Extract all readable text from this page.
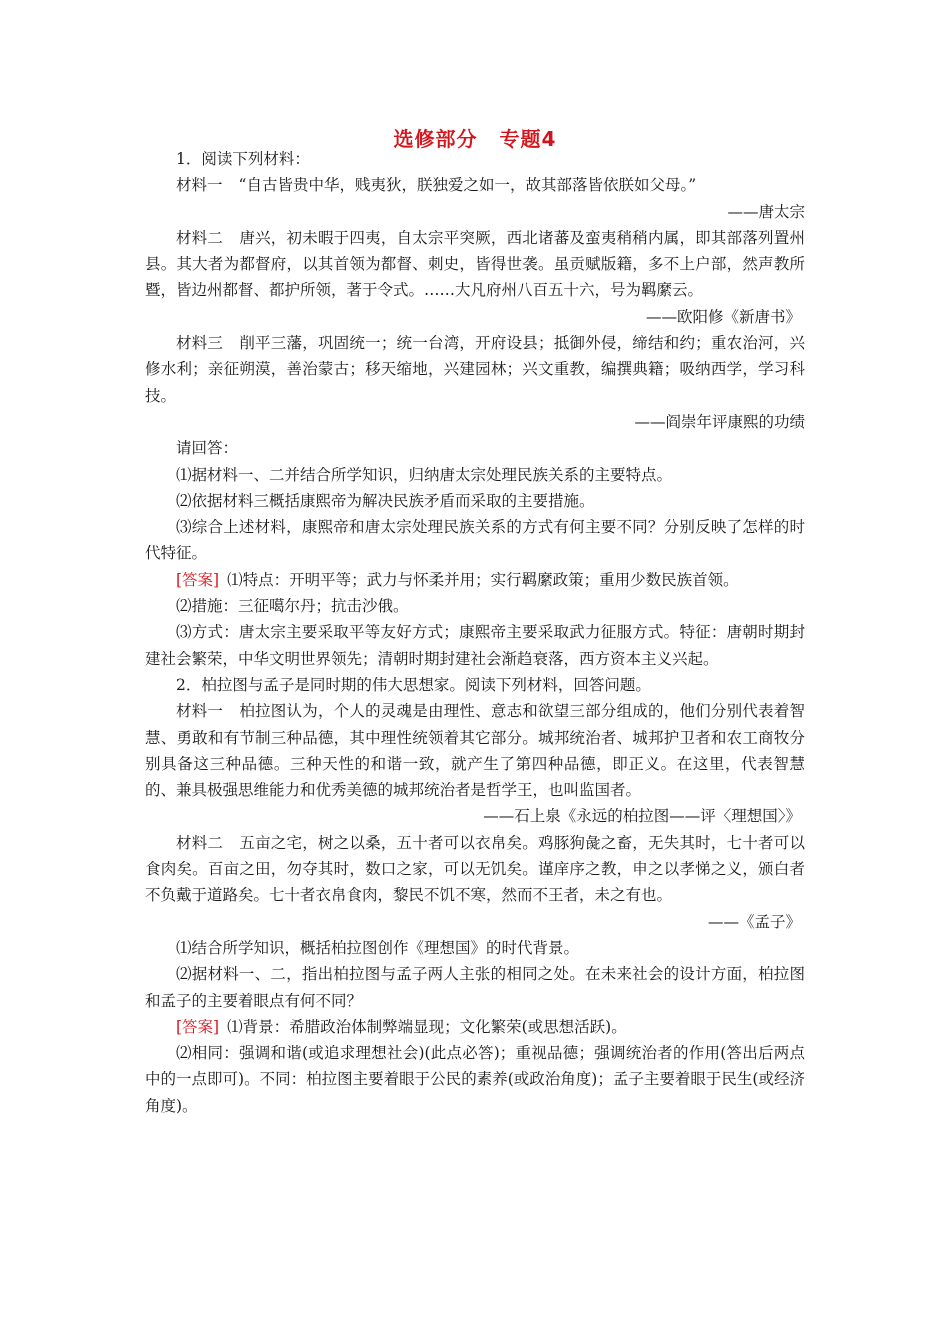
选修部分 专题4

1．阅读下列材料：

材料一 “自古皆贵中华，贱夷狄，朕独爱之如一，故其部落皆依朕如父母。”

——唐太宗

材料二 唐兴，初未暇于四夷，自太宗平突厥，西北诸蕃及蛮夷稍稍内属，即其部落列置州县。其大者为都督府，以其首领为都督、刺史，皆得世袭。虽贡赋版籍，多不上户部，然声教所暨，皆边州都督、都护所领，著于令式。……大凡府州八百五十六，号为羁縻云。

——欧阳修《新唐书》

材料三 削平三藩，巩固统一；统一台湾，开府设县；抵御外侵，缔结和约；重农治河，兴修水利；亲征朔漠，善治蒙古；移天缩地，兴建园林；兴文重教，编撰典籍；吸纳西学，学习科技。

——阎崇年评康熙的功绩

请回答：

⑴据材料一、二并结合所学知识，归纳唐太宗处理民族关系的主要特点。

⑵依据材料三概括康熙帝为解决民族矛盾而采取的主要措施。

⑶综合上述材料，康熙帝和唐太宗处理民族关系的方式有何主要不同？分别反映了怎样的时代特征。

[答案] ⑴特点：开明平等；武力与怀柔并用；实行羁縻政策；重用少数民族首领。

⑵措施：三征噶尔丹；抗击沙俄。

⑶方式：唐太宗主要采取平等友好方式；康熙帝主要采取武力征服方式。特征：唐朝时期封建社会繁荣，中华文明世界领先；清朝时期封建社会渐趋衰落，西方资本主义兴起。

2．柏拉图与孟子是同时期的伟大思想家。阅读下列材料，回答问题。

材料一 柏拉图认为，个人的灵魂是由理性、意志和欲望三部分组成的，他们分别代表着智慧、勇敢和有节制三种品德，其中理性统领着其它部分。城邦统治者、城邦护卫者和农工商牧分别具备这三种品德。三种天性的和谐一致，就产生了第四种品德，即正义。在这里，代表智慧的、兼具极强思维能力和优秀美德的城邦统治者是哲学王，也叫监国者。

——石上泉《永远的柏拉图——评〈理想国〉》

材料二 五亩之宅，树之以桑，五十者可以衣帛矣。鸡豚狗彘之畜，无失其时，七十者可以食肉矣。百亩之田，勿夺其时，数口之家，可以无饥矣。谨庠序之教，申之以孝悌之义，颁白者不负戴于道路矣。七十者衣帛食肉，黎民不饥不寒，然而不王者，未之有也。

——《孟子》

⑴结合所学知识，概括柏拉图创作《理想国》的时代背景。

⑵据材料一、二，指出柏拉图与孟子两人主张的相同之处。在未来社会的设计方面，柏拉图和孟子的主要着眼点有何不同？

[答案] ⑴背景：希腊政治体制弊端显现；文化繁荣(或思想活跃)。

⑵相同：强调和谐(或追求理想社会)(此点必答)；重视品德；强调统治者的作用(答出后两点中的一点即可)。不同：柏拉图主要着眼于公民的素养(或政治角度)；孟子主要着眼于民生(或经济角度)。
